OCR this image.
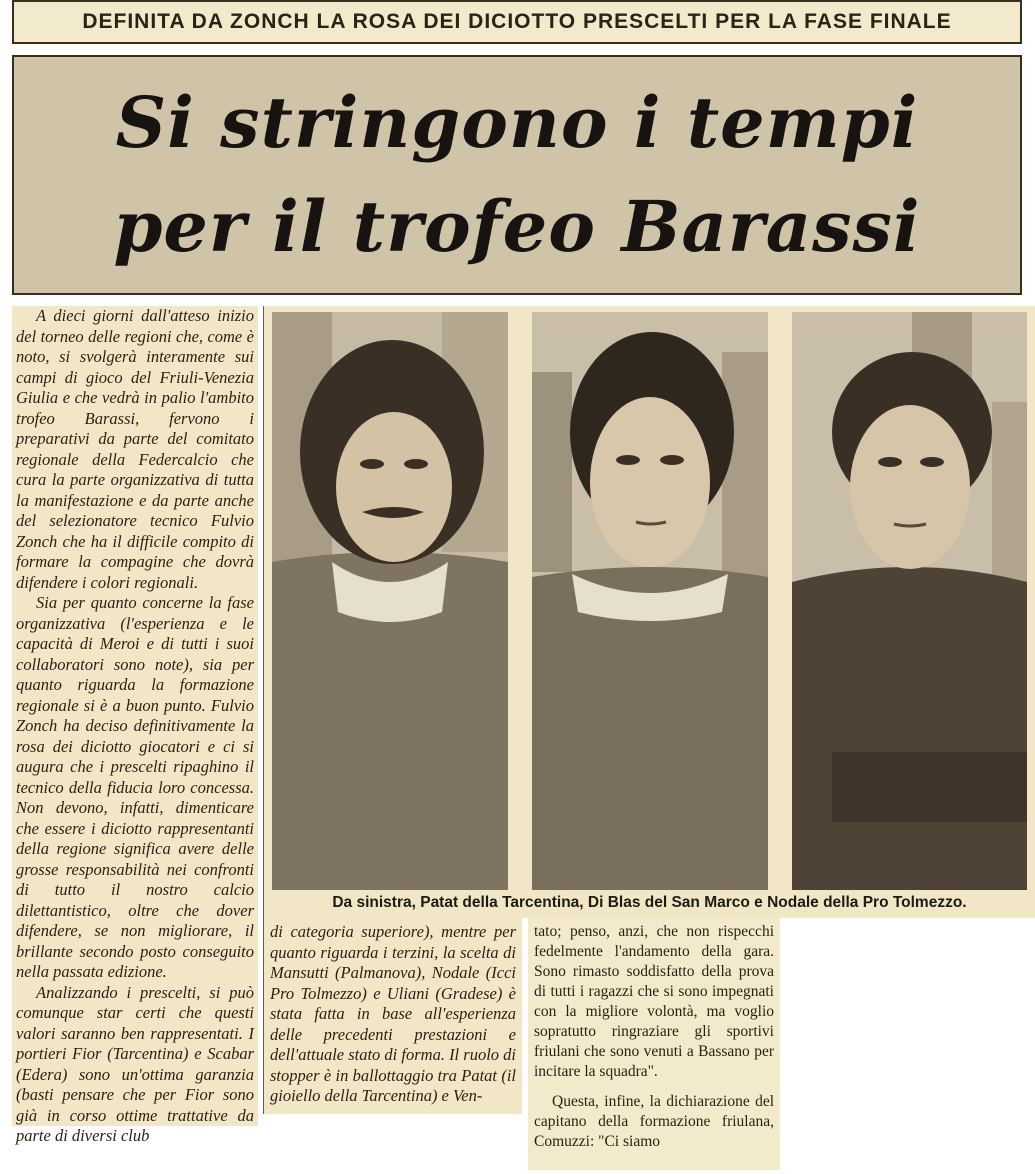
DEFINITA DA ZONCH LA ROSA DEI DICIOTTO PRESCELTI PER LA FASE FINALE
Si stringono i tempi
per il trofeo Barassi

A dieci giorni dall'atteso inizio del torneo delle regioni che, come è noto, si svolgerà interamente sui campi di gioco del Friuli-Venezia Giulia e che vedrà in palio l'ambito trofeo Barassi, fervono i preparativi da parte del comitato regionale della Federcalcio che cura la parte organizzativa di tutta la manifestazione e da parte anche del selezionatore tecnico Fulvio Zonch che ha il difficile compito di formare la compagine che dovrà difendere i colori regionali.

Sia per quanto concerne la fase organizzativa (l'esperienza e le capacità di Meroi e di tutti i suoi collaboratori sono note), sia per quanto riguarda la formazione regionale si è a buon punto. Fulvio Zonch ha deciso definitivamente la rosa dei diciotto giocatori e ci si augura che i prescelti ripaghino il tecnico della fiducia loro concessa. Non devono, infatti, dimenticare che essere i diciotto rappresentanti della regione significa avere delle grosse responsabilità nei confronti di tutto il nostro calcio dilettantistico, oltre che dover difendere, se non migliorare, il brillante secondo posto conseguito nella passata edizione.

Analizzando i prescelti, si può comunque star certi che questi valori saranno ben rappresentati. I portieri Fior (Tarcentina) e Scabar (Edera) sono un'ottima garanzia (basti pensare che per Fior sono già in corso ottime trattative da parte di diversi club

Da sinistra, Patat della Tarcentina, Di Blas del San Marco e Nodale della Pro Tolmezzo.

di categoria superiore), mentre per quanto riguarda i terzini, la scelta di Mansutti (Palmanova), Nodale (Icci Pro Tolmezzo) e Uliani (Gradese) è stata fatta in base all'esperienza delle precedenti prestazioni e dell'attuale stato di forma. Il ruolo di stopper è in ballottaggio tra Patat (il gioiello della Tarcentina) e Ven-

tato; penso, anzi, che non rispecchi fedelmente l'andamento della gara. Sono rimasto soddisfatto della prova di tutti i ragazzi che si sono impegnati con la migliore volontà, ma voglio sopratutto ringraziare gli sportivi friulani che sono venuti a Bassano per incitare la squadra".

Questa, infine, la dichiarazione del capitano della formazione friulana, Comuzzi: "Ci siamo
